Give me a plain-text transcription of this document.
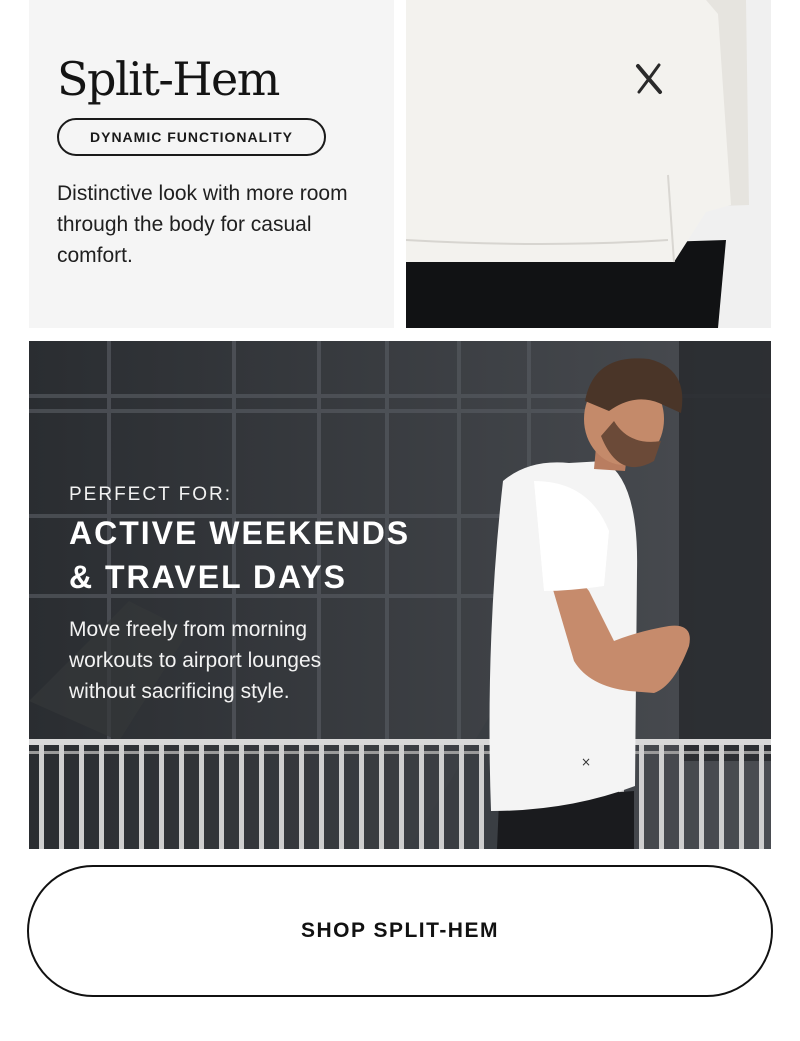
Split-Hem
DYNAMIC FUNCTIONALITY

Distinctive look with more room through the body for casual comfort.

×
PERFECT FOR:
ACTIVE WEEKENDS
& TRAVEL DAYS

Move freely from morning workouts to airport lounges without sacrificing style.

SHOP SPLIT-HEM
